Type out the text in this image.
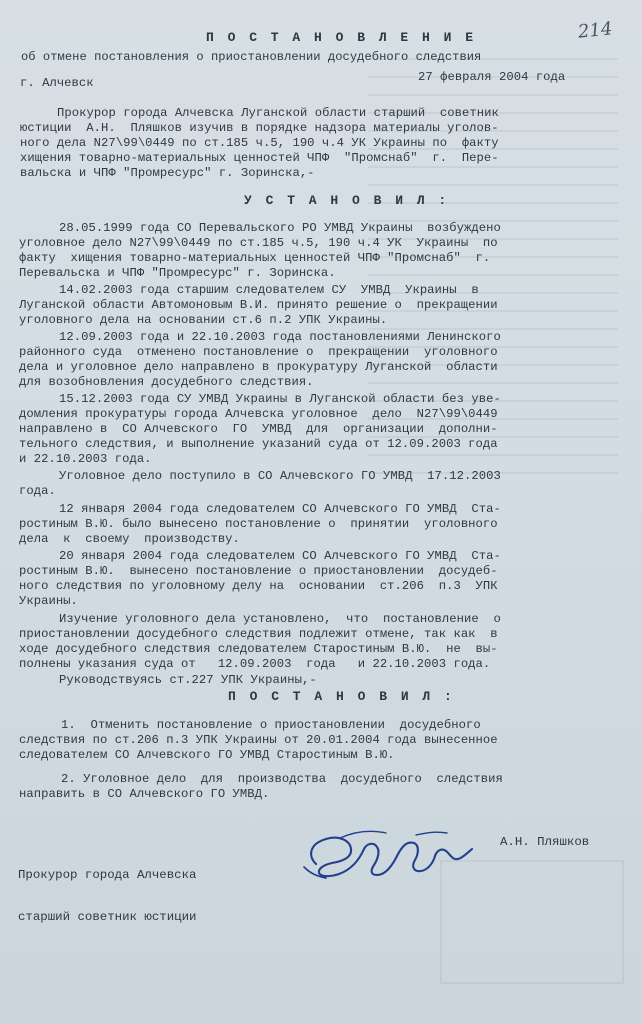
214
П О С Т А Н О В Л Е Н И Е
об отмене постановления о приостановлении досудебного следствия
г. Алчевск	27 февраля 2004 года
Прокурор города Алчевска Луганской области старший  советник
юстиции  А.Н.  Пляшков изучив в порядке надзора материалы уголов-
ного дела N27\99\0449 по ст.185 ч.5, 190 ч.4 УК Украины по  факту
хищения товарно-материальных ценностей ЧПФ  "Промснаб"  г.  Пере-
вальска и ЧПФ "Промресурс" г. Зоринска,-
У С Т А Н О В И Л :
28.05.1999 года СО Перевальского РО УМВД Украины  возбуждено
уголовное дело N27\99\0449 по ст.185 ч.5, 190 ч.4 УК  Украины  по
факту  хищения товарно-материальных ценностей ЧПФ "Промснаб"  г.
Перевальска и ЧПФ "Промресурс" г. Зоринска.
14.02.2003 года старшим следователем СУ  УМВД  Украины  в
Луганской области Автомоновым В.И. принято решение о  прекращении
уголовного дела на основании ст.6 п.2 УПК Украины.
12.09.2003 года и 22.10.2003 года постановлениями Ленинского
районного суда  отменено постановление о  прекращении  уголовного
дела и уголовное дело направлено в прокуратуру Луганской  области
для возобновления досудебного следствия.
15.12.2003 года СУ УМВД Украины в Луганской области без уве-
домления прокуратуры города Алчевска уголовное  дело  N27\99\0449
направлено в  СО Алчевского  ГО  УМВД  для  организации  дополни-
тельного следствия, и выполнение указаний суда от 12.09.2003 года
и 22.10.2003 года.
Уголовное дело поступило в СО Алчевского ГО УМВД  17.12.2003
года.
12 января 2004 года следователем СО Алчевского ГО УМВД  Ста-
ростиным В.Ю. было вынесено постановление о  принятии  уголовного
дела  к  своему  производству.
20 января 2004 года следователем СО Алчевского ГО УМВД  Ста-
ростиным В.Ю.  вынесено постановление о приостановлении  досудеб-
ного следствия по уголовному делу на  основании  ст.206  п.3  УПК
Украины.
Изучение уголовного дела установлено,  что  постановление  о
приостановлении досудебного следствия подлежит отмене, так как  в
ходе досудебного следствия следователем Старостиным В.Ю.  не  вы-
полнены указания суда от   12.09.2003  года   и 22.10.2003 года.
Руководствуясь ст.227 УПК Украины,-
П О С Т А Н О В И Л :
1.  Отменить постановление о приостановлении  досудебного
следствия по ст.206 п.3 УПК Украины от 20.01.2004 года вынесенное
следователем СО Алчевского ГО УМВД Старостиным В.Ю.
2. Уголовное дело  для  производства  досудебного  следствия
направить в СО Алчевского ГО УМВД.

Прокурор города Алчевска

старший советник юстиции

А.Н. Пляшков
